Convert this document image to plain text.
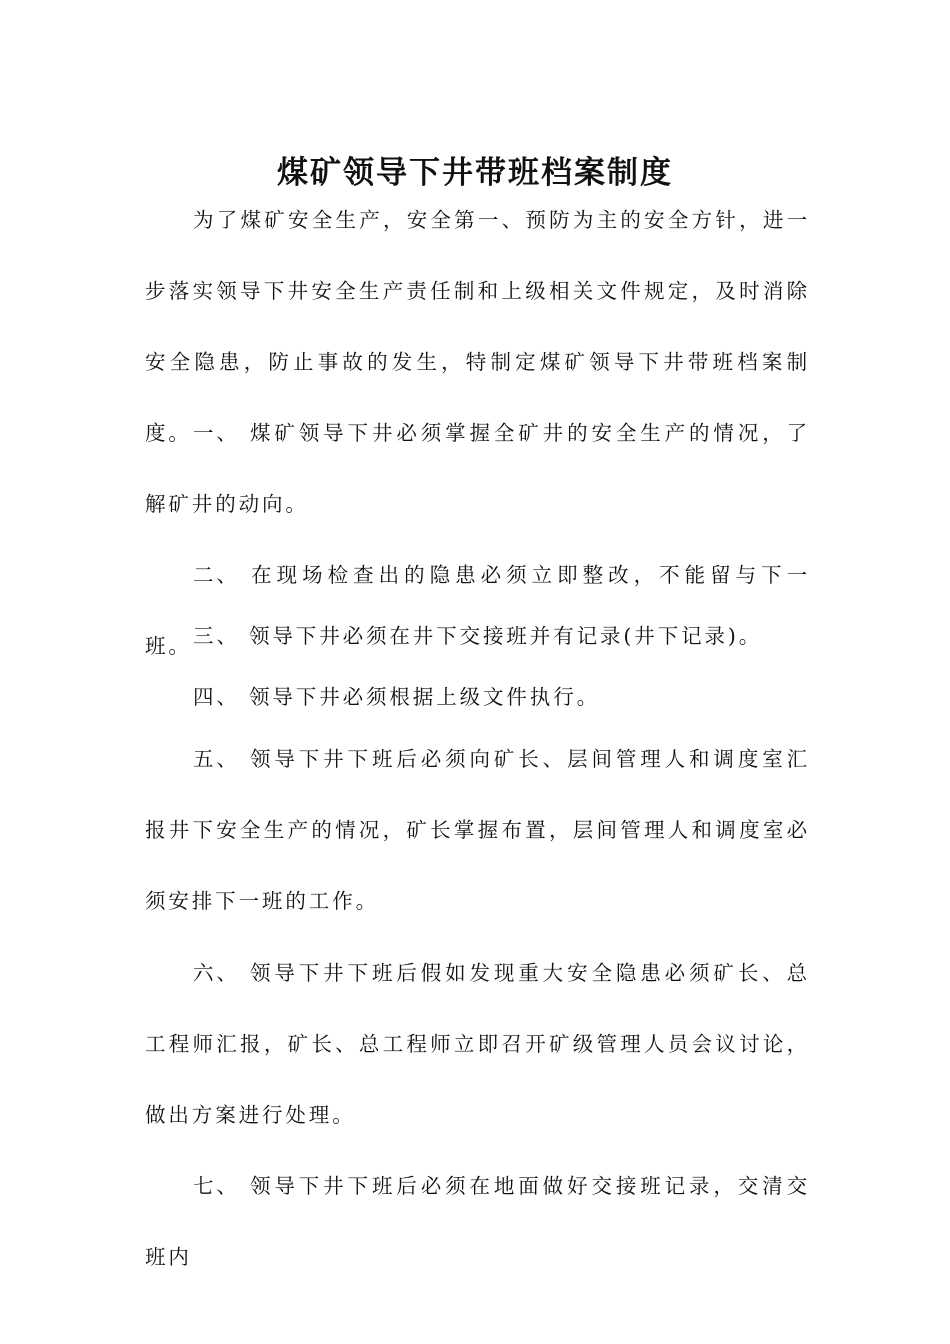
煤矿领导下井带班档案制度

为了煤矿安全生产，安全第一、预防为主的安全方针，进一步落实领导下井安全生产责任制和上级相关文件规定，及时消除安全隐患，防止事故的发生，特制定煤矿领导下井带班档案制度。 一、 煤矿领导下井必须掌握全矿井的安全生产的情况，了解矿井的动向。

二、 在现场检查出的隐患必须立即整改，不能留与下一班。 三、 领导下井必须在井下交接班并有记录(井下记录)。

四、 领导下井必须根据上级文件执行。

五、 领导下井下班后必须向矿长、层间管理人和调度室汇报井下安全生产的情况，矿长掌握布置，层间管理人和调度室必须安排下一班的工作。

六、 领导下井下班后假如发现重大安全隐患必须矿长、总工程师汇报，矿长、总工程师立即召开矿级管理人员会议讨论，做出方案进行处理。

七、 领导下井下班后必须在地面做好交接班记录，交清交班内
